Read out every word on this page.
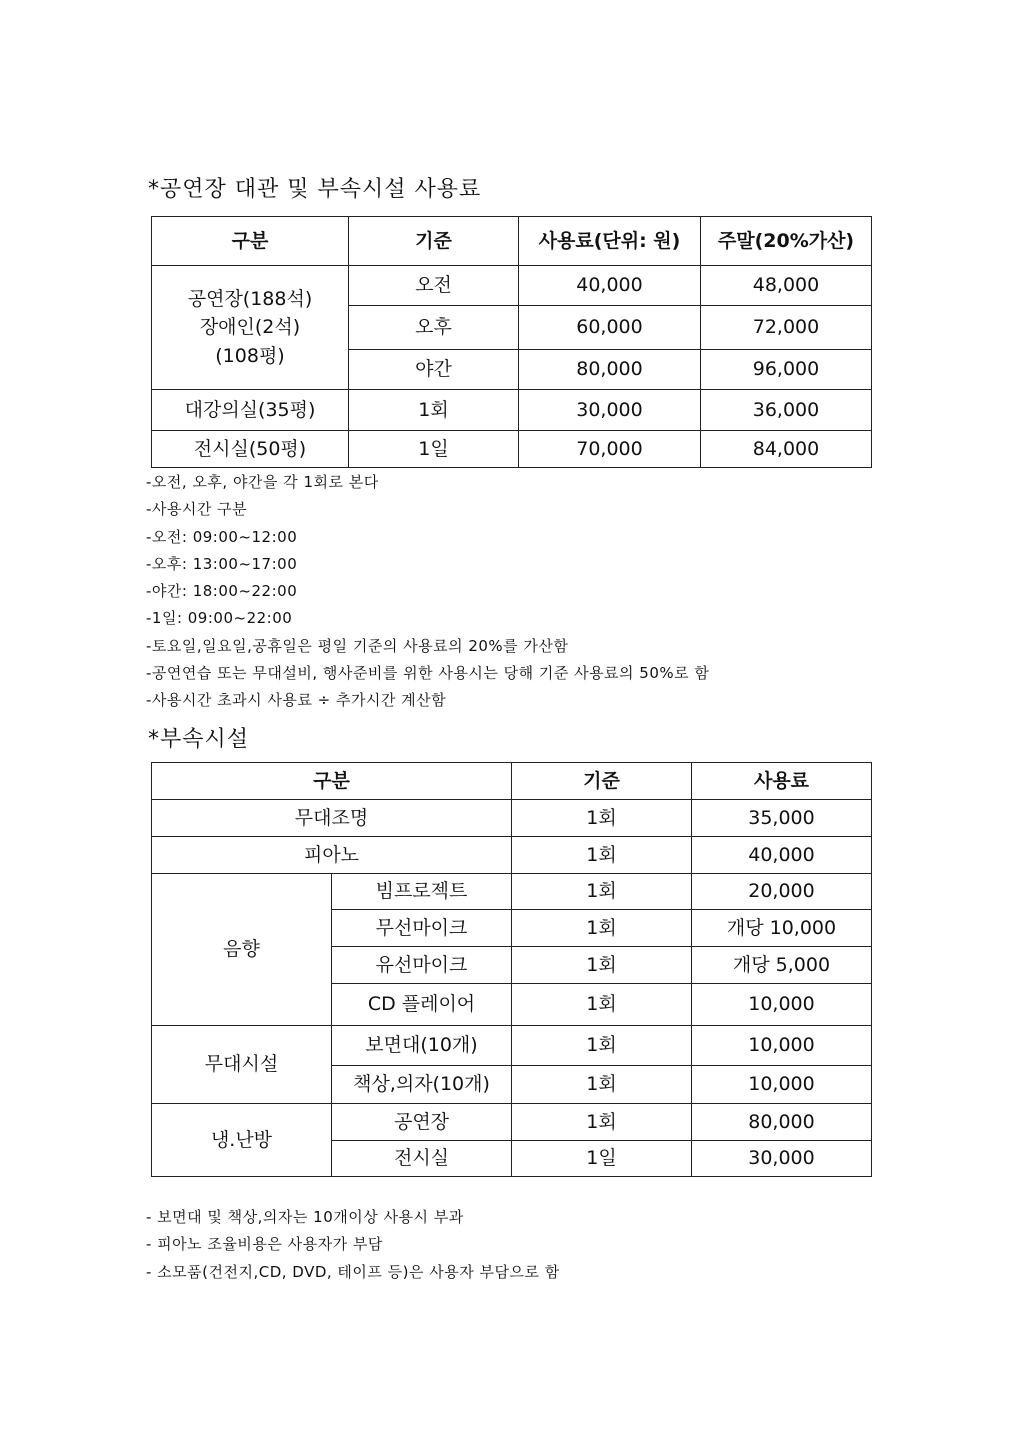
*공연장 대관 및 부속시설 사용료
구분	기준	사용료(단위: 원)	주말(20%가산)

공연장(188석)
장애인(2석)
(108평)	오전	40,000	48,000
	오후	60,000	72,000
	야간	80,000	96,000
대강의실(35평)	1회	30,000	36,000
전시실(50평)	1일	70,000	84,000
-오전, 오후, 야간을 각 1회로 본다
-사용시간 구분
-오전: 09:00~12:00
-오후: 13:00~17:00
-야간: 18:00~22:00
-1일: 09:00~22:00
-토요일,일요일,공휴일은 평일 기준의 사용료의 20%를 가산함
-공연연습 또는 무대설비, 행사준비를 위한 사용시는 당해 기준 사용료의 50%로 함
-사용시간 초과시 사용료 ÷ 추가시간 계산함
*부속시설
구분		기준	사용료
무대조명		1회	35,000
피아노		1회	40,000
음향	빔프로젝트	1회	20,000
	무선마이크	1회	개당 10,000
	유선마이크	1회	개당 5,000
	CD 플레이어	1회	10,000
무대시설	보면대(10개)	1회	10,000
	책상,의자(10개)	1회	10,000
냉.난방	공연장	1회	80,000
	전시실	1일	30,000
- 보면대 및 책상,의자는 10개이상 사용시 부과
- 피아노 조율비용은 사용자가 부담
- 소모품(건전지,CD, DVD, 테이프 등)은 사용자 부담으로 함
